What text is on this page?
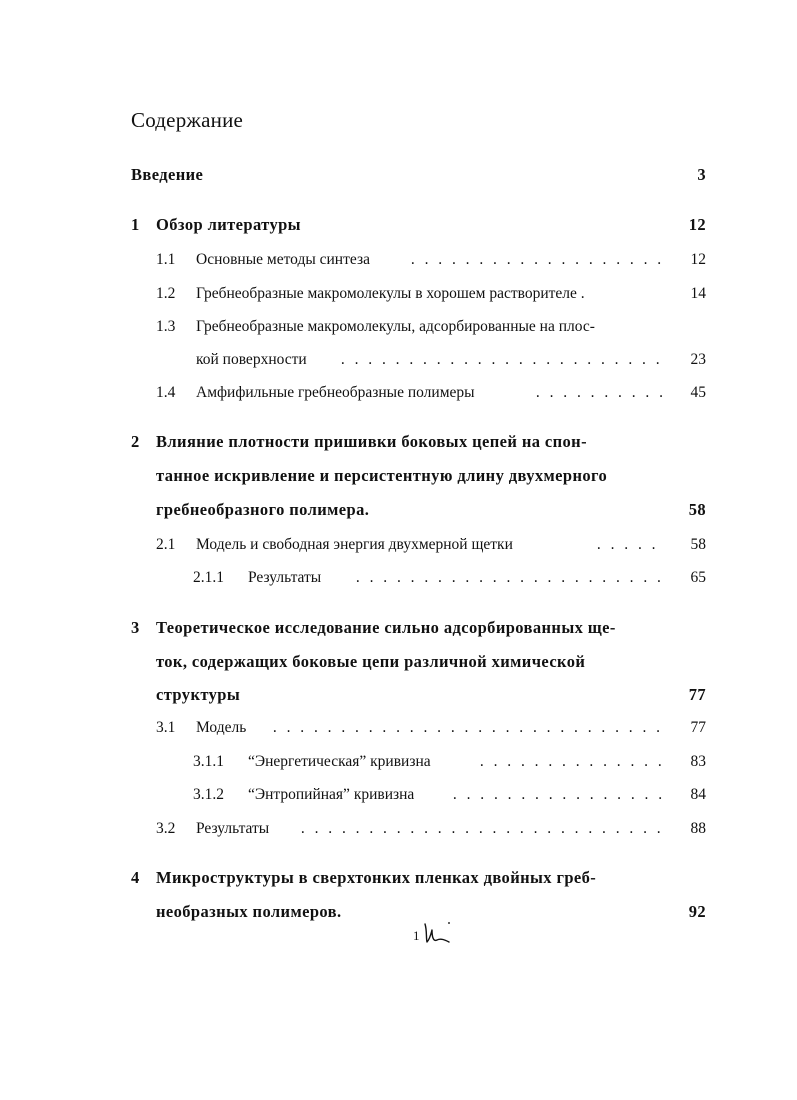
Содержание
Введение	3
1 Обзор литературы	12
1.1 Основные методы синтеза	. . . . . . . . . . . . . . . . . . .	12
1.2 Гребнеобразные макромолекулы в хорошем растворителе .	14
1.3 Гребнеобразные макромолекулы, адсорбированные на плос-
кой поверхности	. . . . . . . . . . . . . . . . . . . . . . . .	23
1.4 Амфифильные гребнеобразные полимеры	. . . . . . . . . .	45
2 Влияние плотности пришивки боковых цепей на спон-
танное искривление и персистентную длину двухмерного
гребнеобразного полимера.	58
2.1 Модель и свободная энергия двухмерной щетки	. . . . .	58
2.1.1 Результаты	. . . . . . . . . . . . . . . . . . . . . . .	65
3 Теоретическое исследование сильно адсорбированных ще-
ток, содержащих боковые цепи различной химической
структуры	77
3.1 Модель	. . . . . . . . . . . . . . . . . . . . . . . . . . . . .	77
3.1.1 “Энергетическая” кривизна	. . . . . . . . . . . . . .	83
3.1.2 “Энтропийная” кривизна	. . . . . . . . . . . . . . . .	84
3.2 Результаты	. . . . . . . . . . . . . . . . . . . . . . . . . . .	88
4 Микроструктуры в сверхтонких пленках двойных греб-
необразных полимеров.	92
1
